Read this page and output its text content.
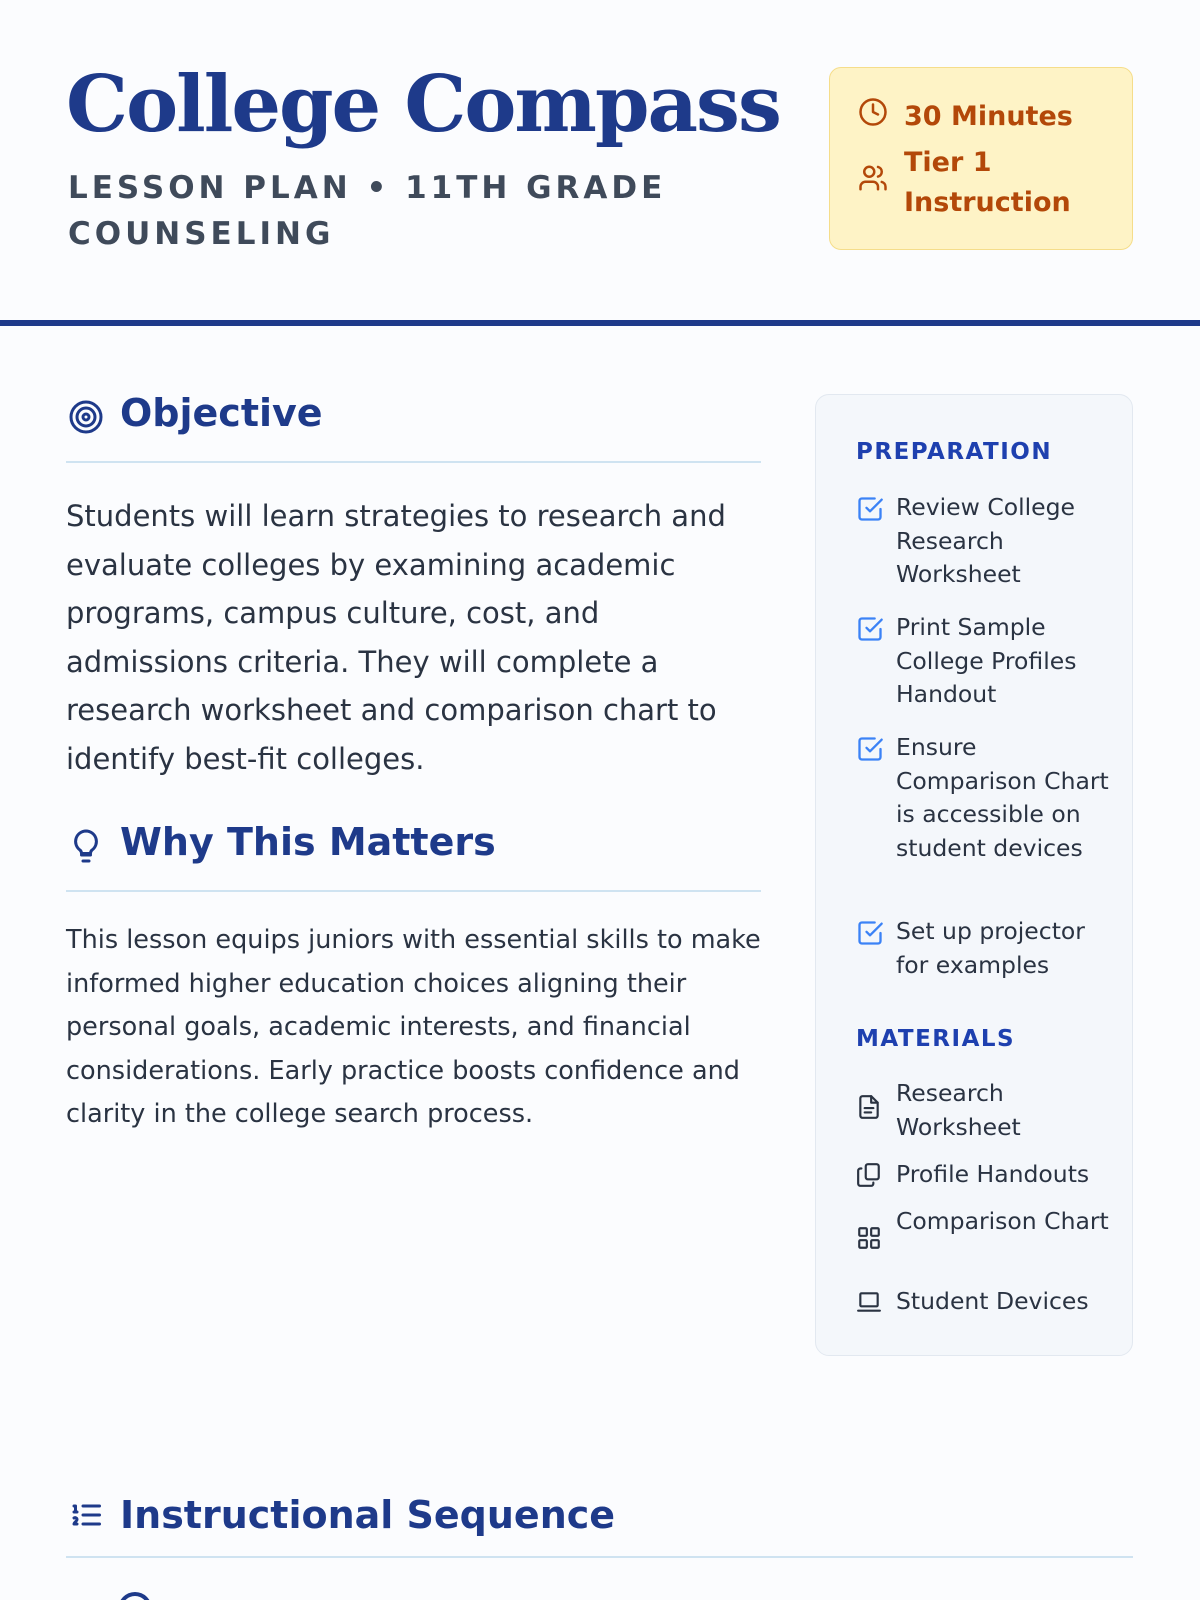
College Compass
LESSON PLAN • 11TH GRADE COUNSELING
30 Minutes
Tier 1 Instruction
Objective
Students will learn strategies to research and evaluate colleges by examining academic programs, campus culture, cost, and admissions criteria. They will complete a research worksheet and comparison chart to identify best-fit colleges.
Why This Matters
This lesson equips juniors with essential skills to make informed higher education choices aligning their personal goals, academic interests, and financial considerations. Early practice boosts confidence and clarity in the college search process.
PREPARATION
Review College Research Worksheet
Print Sample College Profiles Handout
Ensure Comparison Chart is accessible on student devices
Set up projector for examples
MATERIALS
Research Worksheet
Profile Handouts
Comparison Chart
Student Devices
Instructional Sequence
